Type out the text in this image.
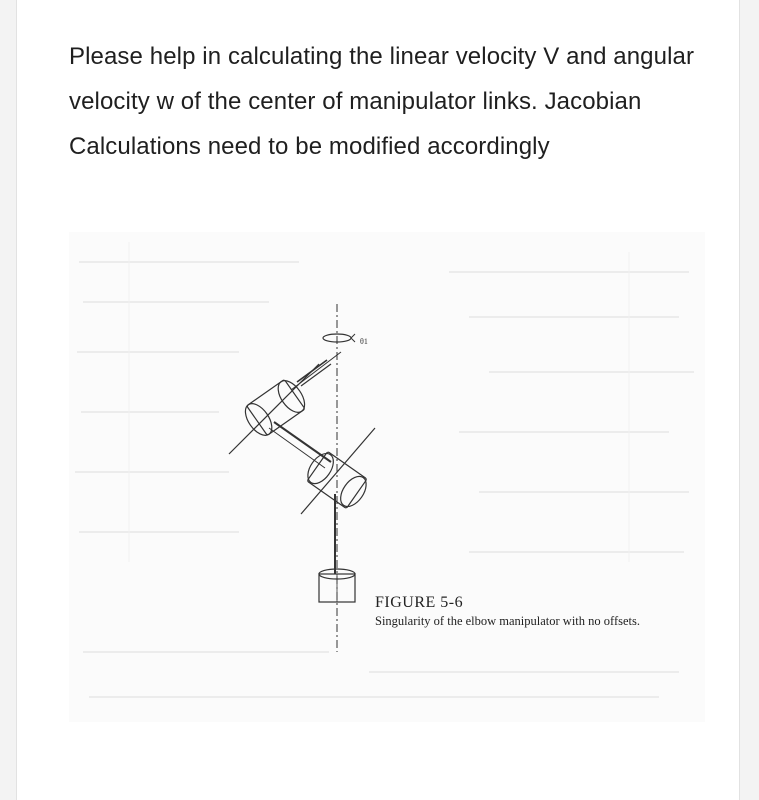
Please help in calculating the linear velocity V and angular velocity w of the center of manipulator links. Jacobian Calculations need to be modified accordingly

θ1

FIGURE 5-6

Singularity of the elbow manipulator with no offsets.
